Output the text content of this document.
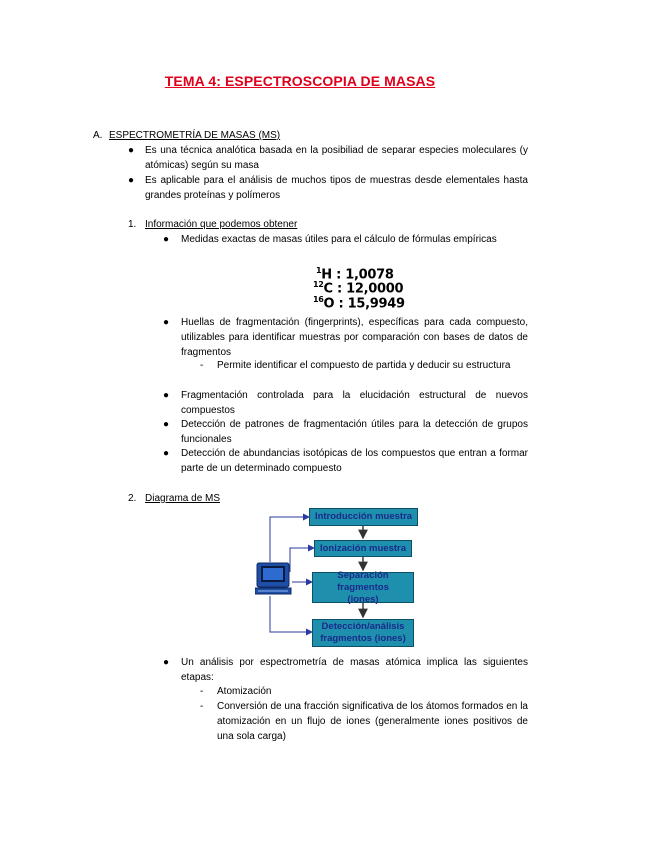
TEMA 4: ESPECTROSCOPIA DE MASAS
A. ESPECTROMETRÍA DE MASAS (MS)
● Es una técnica analótica basada en la posibiliad de separar especies moleculares (y atómicas) según su masa
● Es aplicable para el análisis de muchos tipos de muestras desde elementales hasta grandes proteínas y polímeros
1. Información que podemos obtener
● Medidas exactas de masas útiles para el cálculo de fórmulas empíricas
$^1$H : 1,0078
$^{12}$C : 12,0000
$^{16}$O : 15,9949
● Huellas de fragmentación (fingerprints), específicas para cada compuesto, utilizables para identificar muestras por comparación con bases de datos de fragmentos
- Permite identificar el compuesto de partida y deducir su estructura
● Fragmentación controlada para la elucidación estructural de nuevos compuestos
● Detección de patrones de fragmentación útiles para la detección de grupos funcionales
● Detección de abundancias isotópicas de los compuestos que entran a formar parte de un determinado compuesto
2. Diagrama de MS
Introducción muestra
Ionización muestra
Separación fragmentos (iones)
Detección/análisis fragmentos (iones)
● Un análisis por espectrometría de masas atómica implica las siguientes etapas:
- Atomización
- Conversión de una fracción significativa de los átomos formados en la atomización en un flujo de iones (generalmente iones positivos de una sola carga)
